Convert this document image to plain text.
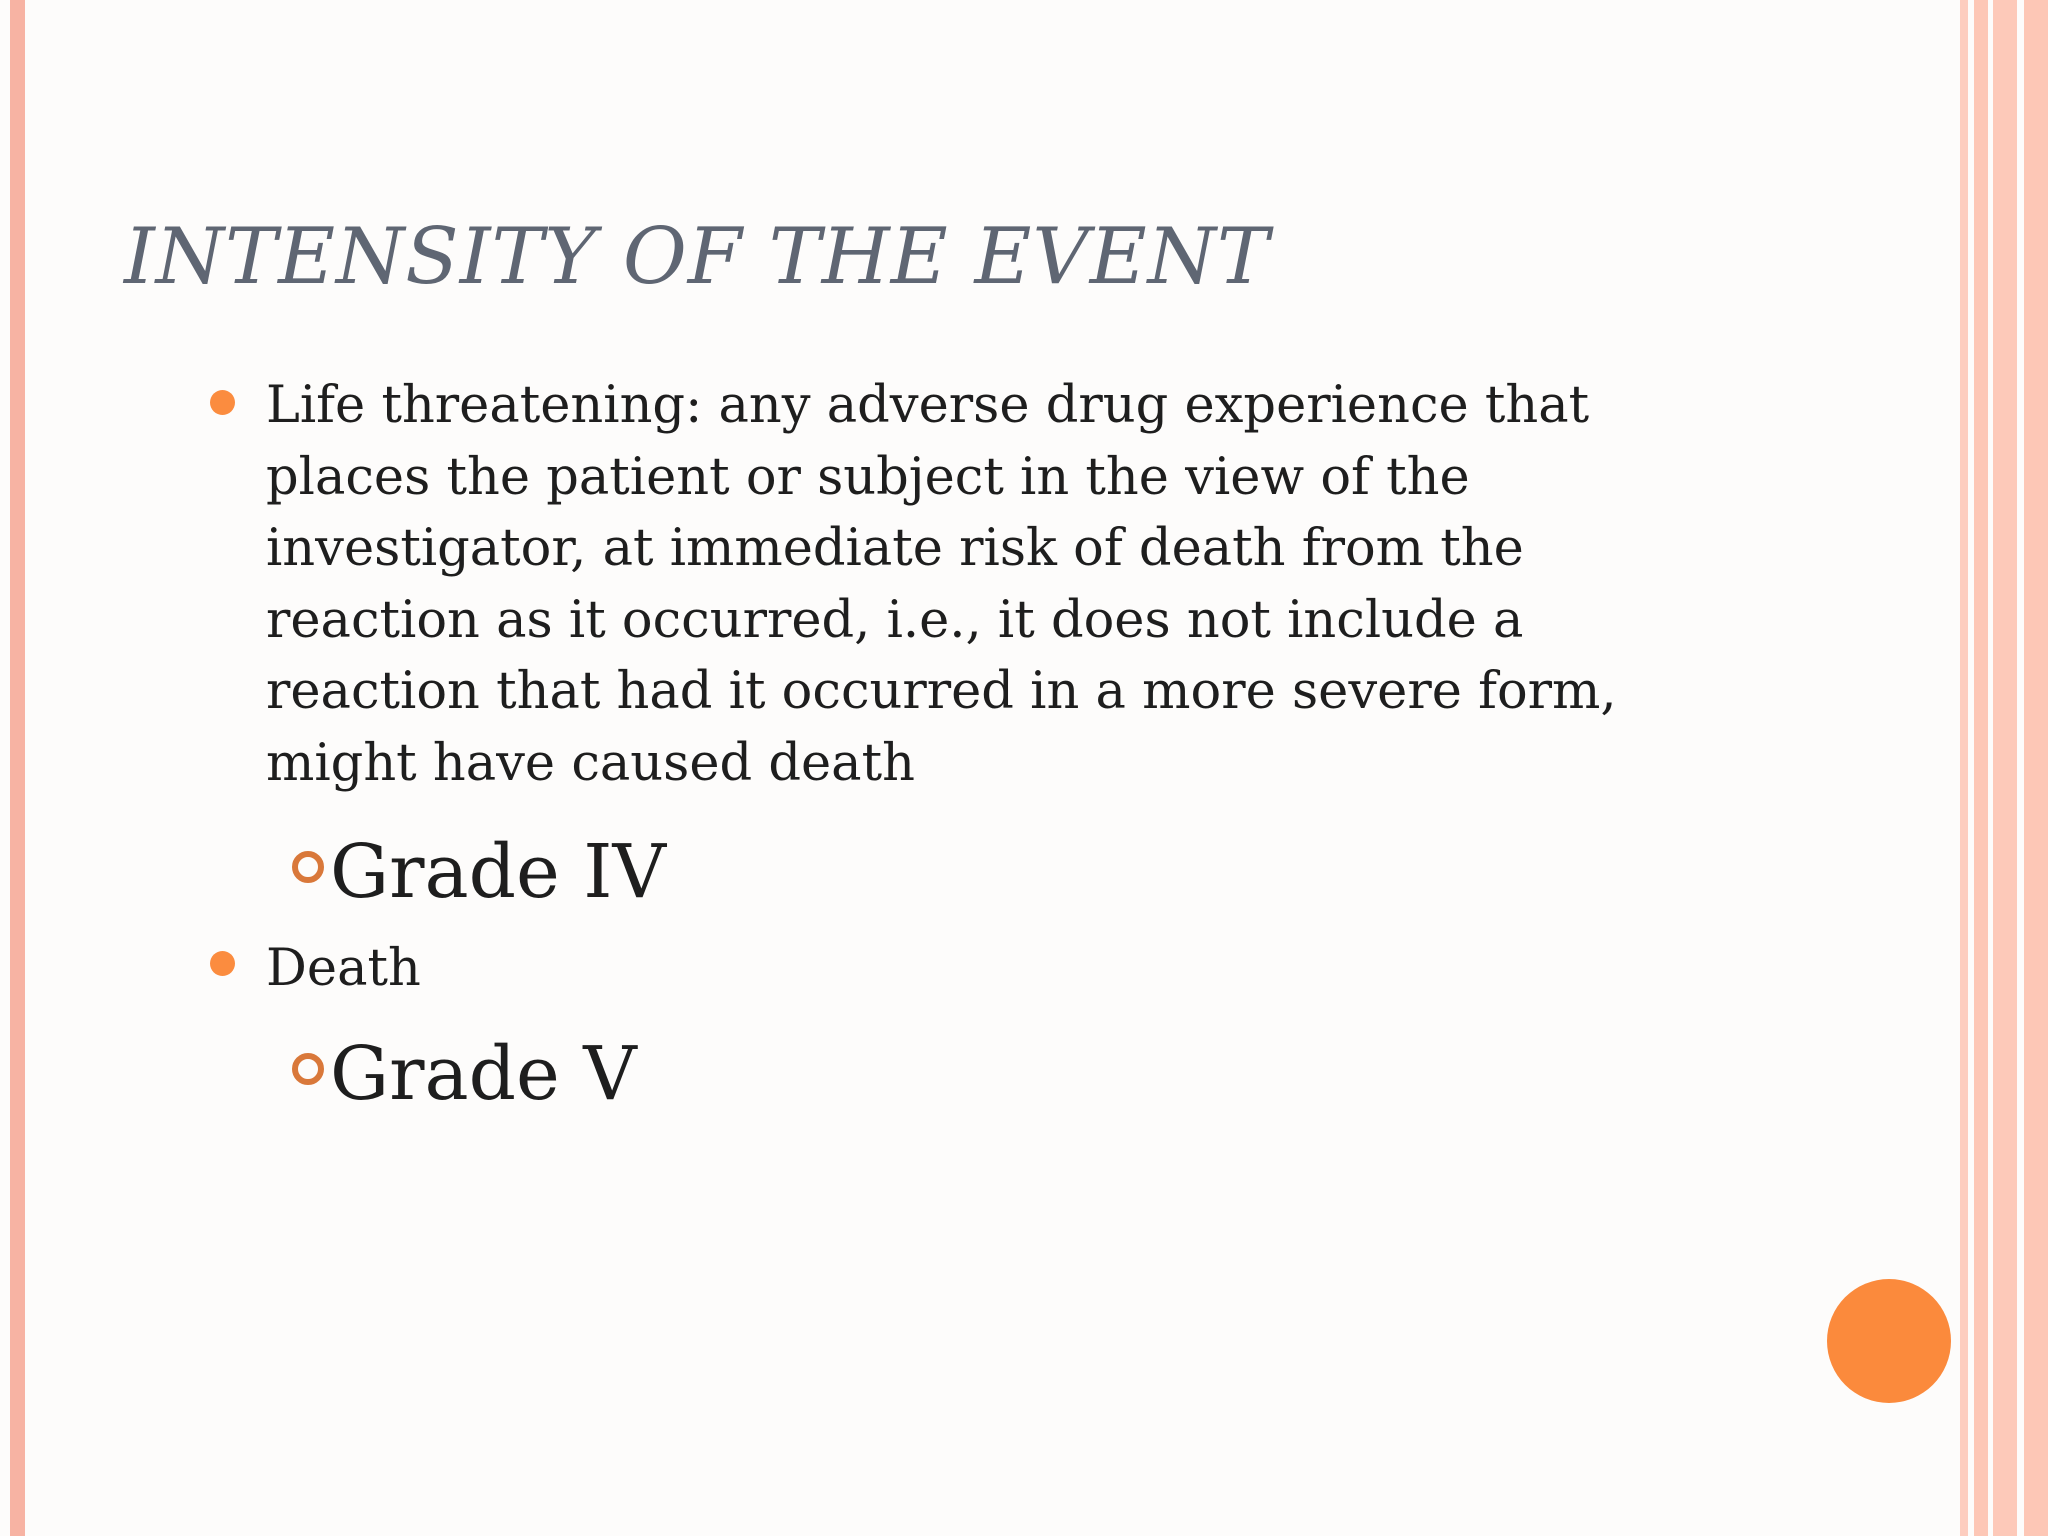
INTENSITY OF THE EVENT
Life threatening: any adverse drug experience that
places the patient or subject in the view of the
investigator, at immediate risk of death from the
reaction as it occurred, i.e., it does not include a
reaction that had it occurred in a more severe form,
might have caused death
Grade IV
Death
Grade V
